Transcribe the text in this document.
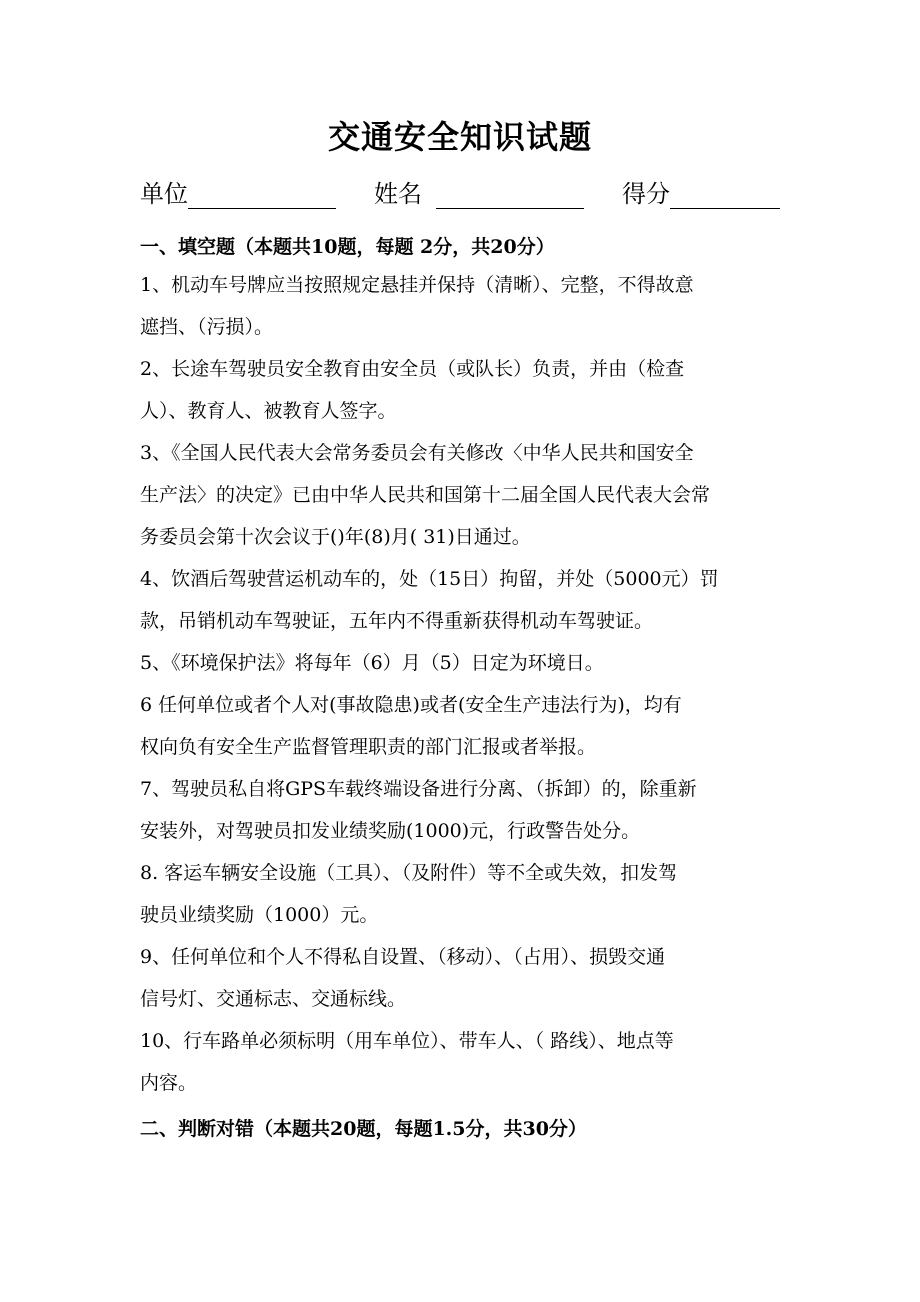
交通安全知识试题
单位	姓名	得分
一、填空题（本题共10题，每题 2分，共20分）
1、机动车号牌应当按照规定悬挂并保持（清晰）、完整，不得故意
遮挡、（污损）。
2、长途车驾驶员安全教育由安全员（或队长）负责，并由（检查
人）、教育人、被教育人签字。
3、《全国人民代表大会常务委员会有关修改〈中华人民共和国安全
生产法〉的决定》已由中华人民共和国第十二届全国人民代表大会常
务委员会第十次会议于()年(8)月( 31)日通过。
4、饮酒后驾驶营运机动车的，处（15日）拘留，并处（5000元）罚
款，吊销机动车驾驶证，五年内不得重新获得机动车驾驶证。
5、《环境保护法》将每年（6）月（5）日定为环境日。
6 任何单位或者个人对(事故隐患)或者(安全生产违法行为)，均有
权向负有安全生产监督管理职责的部门汇报或者举报。
7、驾驶员私自将GPS车载终端设备进行分离、（拆卸）的，除重新
安装外，对驾驶员扣发业绩奖励(1000)元，行政警告处分。
8. 客运车辆安全设施（工具）、（及附件）等不全或失效，扣发驾
驶员业绩奖励（1000）元。
9、任何单位和个人不得私自设置、（移动）、（占用）、损毁交通
信号灯、交通标志、交通标线。
10、行车路单必须标明（用车单位）、带车人、（ 路线）、地点等
内容。
二、判断对错（本题共20题，每题1.5分，共30分）
